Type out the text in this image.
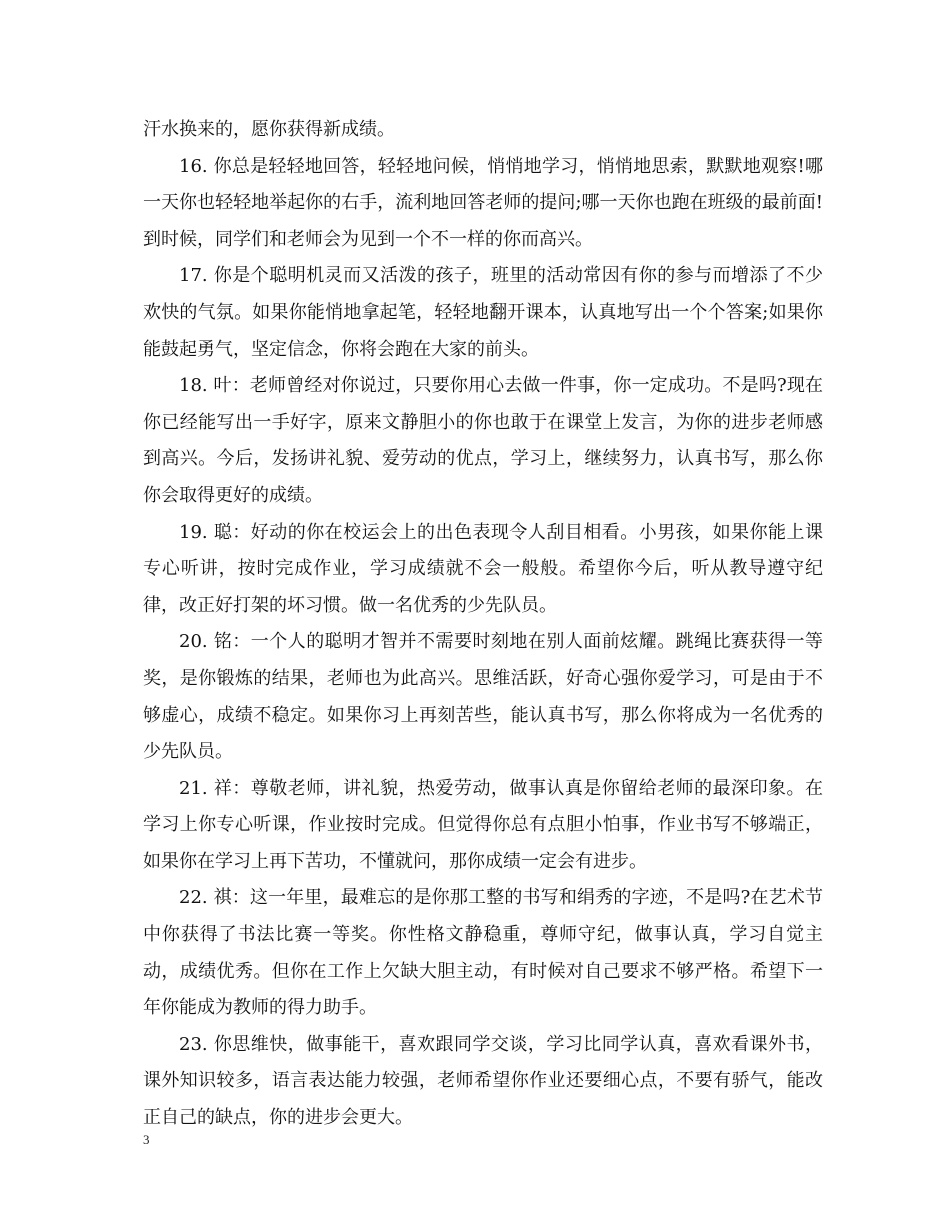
汗水换来的，愿你获得新成绩。

16. 你总是轻轻地回答，轻轻地问候，悄悄地学习，悄悄地思索，默默地观察!哪一天你也轻轻地举起你的右手，流利地回答老师的提问;哪一天你也跑在班级的最前面!到时候，同学们和老师会为见到一个不一样的你而高兴。

17. 你是个聪明机灵而又活泼的孩子，班里的活动常因有你的参与而增添了不少欢快的气氛。如果你能悄地拿起笔，轻轻地翻开课本，认真地写出一个个答案;如果你能鼓起勇气，坚定信念，你将会跑在大家的前头。

18. 叶：老师曾经对你说过，只要你用心去做一件事，你一定成功。不是吗?现在你已经能写出一手好字，原来文静胆小的你也敢于在课堂上发言，为你的进步老师感到高兴。今后，发扬讲礼貌、爱劳动的优点，学习上，继续努力，认真书写，那么你你会取得更好的成绩。

19. 聪：好动的你在校运会上的出色表现令人刮目相看。小男孩，如果你能上课专心听讲，按时完成作业，学习成绩就不会一般般。希望你今后，听从教导遵守纪律，改正好打架的坏习惯。做一名优秀的少先队员。

20. 铭：一个人的聪明才智并不需要时刻地在别人面前炫耀。跳绳比赛获得一等奖，是你锻炼的结果，老师也为此高兴。思维活跃，好奇心强你爱学习，可是由于不够虚心，成绩不稳定。如果你习上再刻苦些，能认真书写，那么你将成为一名优秀的少先队员。

21. 祥：尊敬老师，讲礼貌，热爱劳动，做事认真是你留给老师的最深印象。在学习上你专心听课，作业按时完成。但觉得你总有点胆小怕事，作业书写不够端正，如果你在学习上再下苦功，不懂就问，那你成绩一定会有进步。

22. 祺：这一年里，最难忘的是你那工整的书写和绢秀的字迹，不是吗?在艺术节中你获得了书法比赛一等奖。你性格文静稳重，尊师守纪，做事认真，学习自觉主动，成绩优秀。但你在工作上欠缺大胆主动，有时候对自己要求不够严格。希望下一年你能成为教师的得力助手。

23. 你思维快，做事能干，喜欢跟同学交谈，学习比同学认真，喜欢看课外书，课外知识较多，语言表达能力较强，老师希望你作业还要细心点，不要有骄气，能改正自己的缺点，你的进步会更大。

3
